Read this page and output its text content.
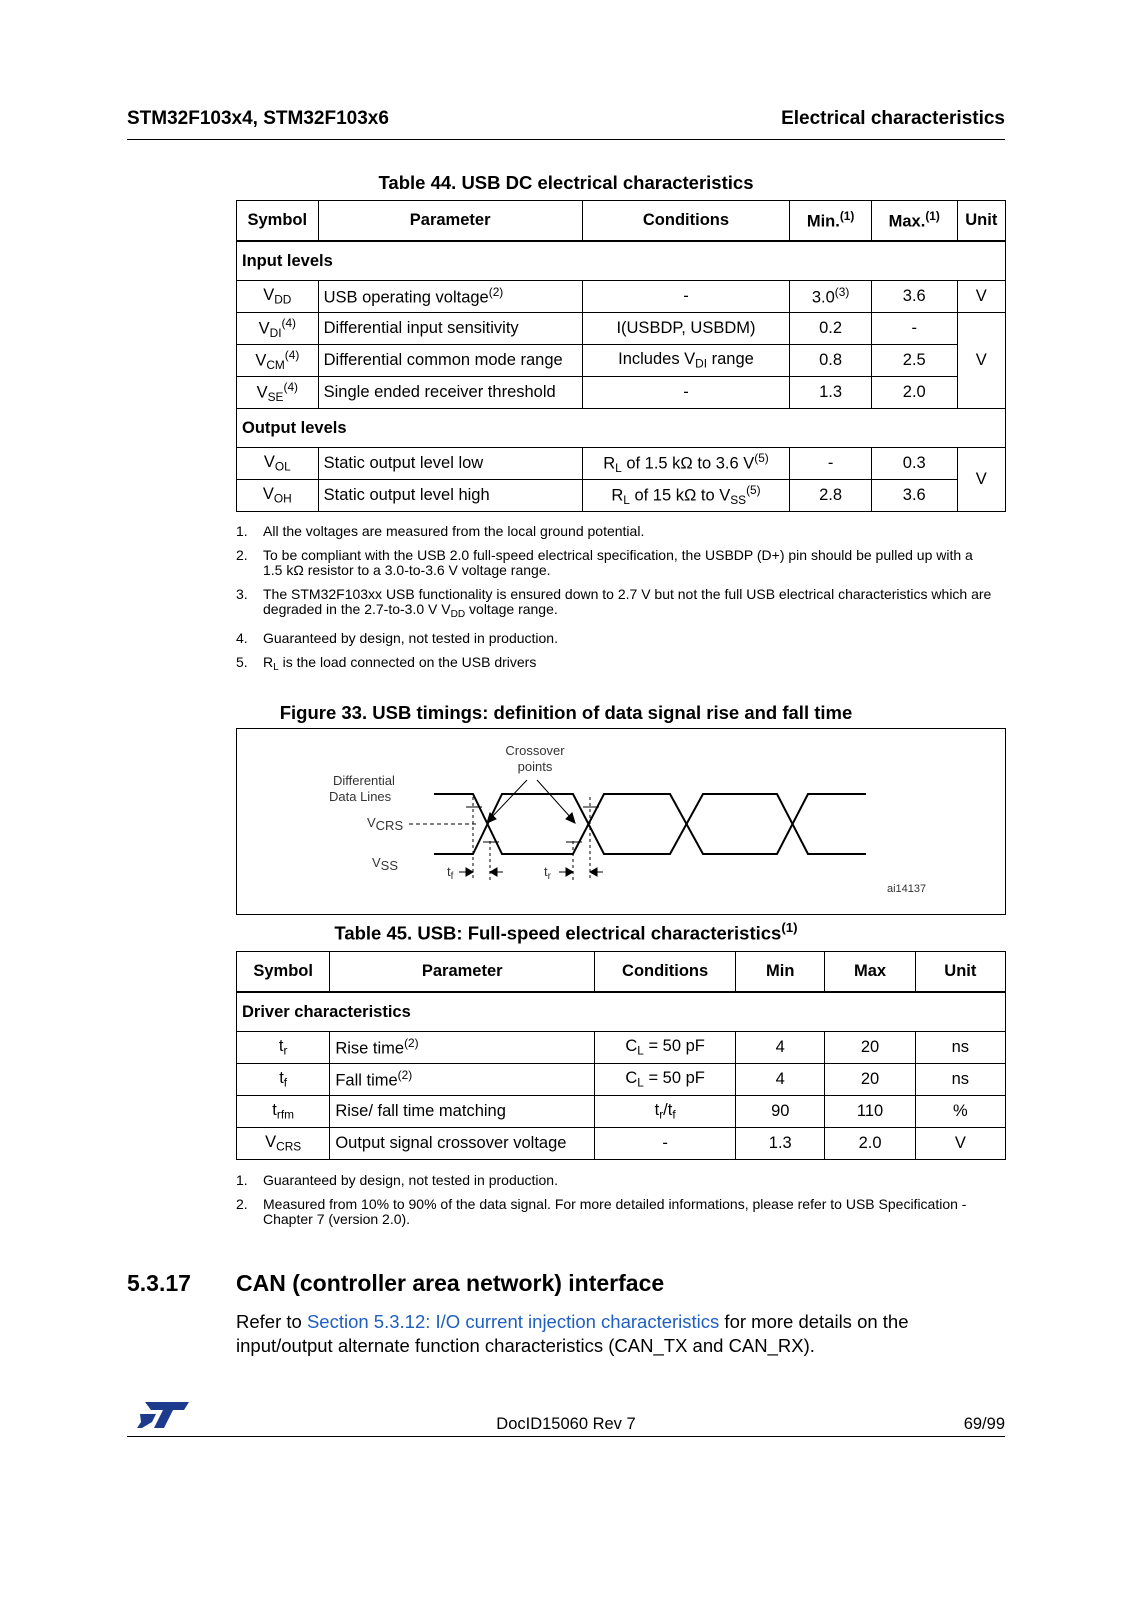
STM32F103x4, STM32F103x6	Electrical characteristics
Table 44. USB DC electrical characteristics
Symbol	Parameter	Conditions	Min.$^{(1)}$	Max.$^{(1)}$	Unit
Input levels					
$V_{DD}$	USB operating voltage$^{(2)}$	-	3.0$^{(3)}$	3.6	V
$V_{DI}^{(4)}$	Differential input sensitivity	I(USBDP, USBDM)	0.2	-	V
$V_{CM}^{(4)}$	Differential common mode range	Includes $V_{DI}$ range	0.8	2.5	
$V_{SE}^{(4)}$	Single ended receiver threshold	-	1.3	2.0	
Output levels					
$V_{OL}$	Static output level low	$R_L$ of 1.5 kΩ to 3.6 $V^{(5)}$	-	0.3	V
$V_{OH}$	Static output level high	$R_L$ of 15 kΩ to $V_{SS}^{(5)}$	2.8	3.6	
1.	All the voltages are measured from the local ground potential.
2.	To be compliant with the USB 2.0 full-speed electrical specification, the USBDP (D+) pin should be pulled up with a 1.5 kΩ resistor to a 3.0-to-3.6 V voltage range.
3.	The STM32F103xx USB functionality is ensured down to 2.7 V but not the full USB electrical characteristics which are degraded in the 2.7-to-3.0 V $V_{DD}$ voltage range.
4.	Guaranteed by design, not tested in production.
5.	$R_L$ is the load connected on the USB drivers
Figure 33. USB timings: definition of data signal rise and fall time
Crossover
points
Differential
Data Lines
VCRS
VSS	$t_f$	$t_r$
ai14137
Table 45. USB: Full-speed electrical characteristics$^{(1)}$
Symbol	Parameter	Conditions	Min	Max	Unit
Driver characteristics					
$t_r$	Rise time$^{(2)}$	$C_L = 50$ pF	4	20	ns
$t_f$	Fall time$^{(2)}$	$C_L = 50$ pF	4	20	ns
$t_{rfm}$	Rise/ fall time matching	$t_r/t_f$	90	110	%
$V_{CRS}$	Output signal crossover voltage	-	1.3	2.0	V
1.	Guaranteed by design, not tested in production.
2.	Measured from 10% to 90% of the data signal. For more detailed informations, please refer to USB Specification - Chapter 7 (version 2.0).
5.3.17 CAN (controller area network) interface
Refer to Section 5.3.12: I/O current injection characteristics for more details on the input/output alternate function characteristics (CAN_TX and CAN_RX).
ST	DocID15060 Rev 7	69/99
